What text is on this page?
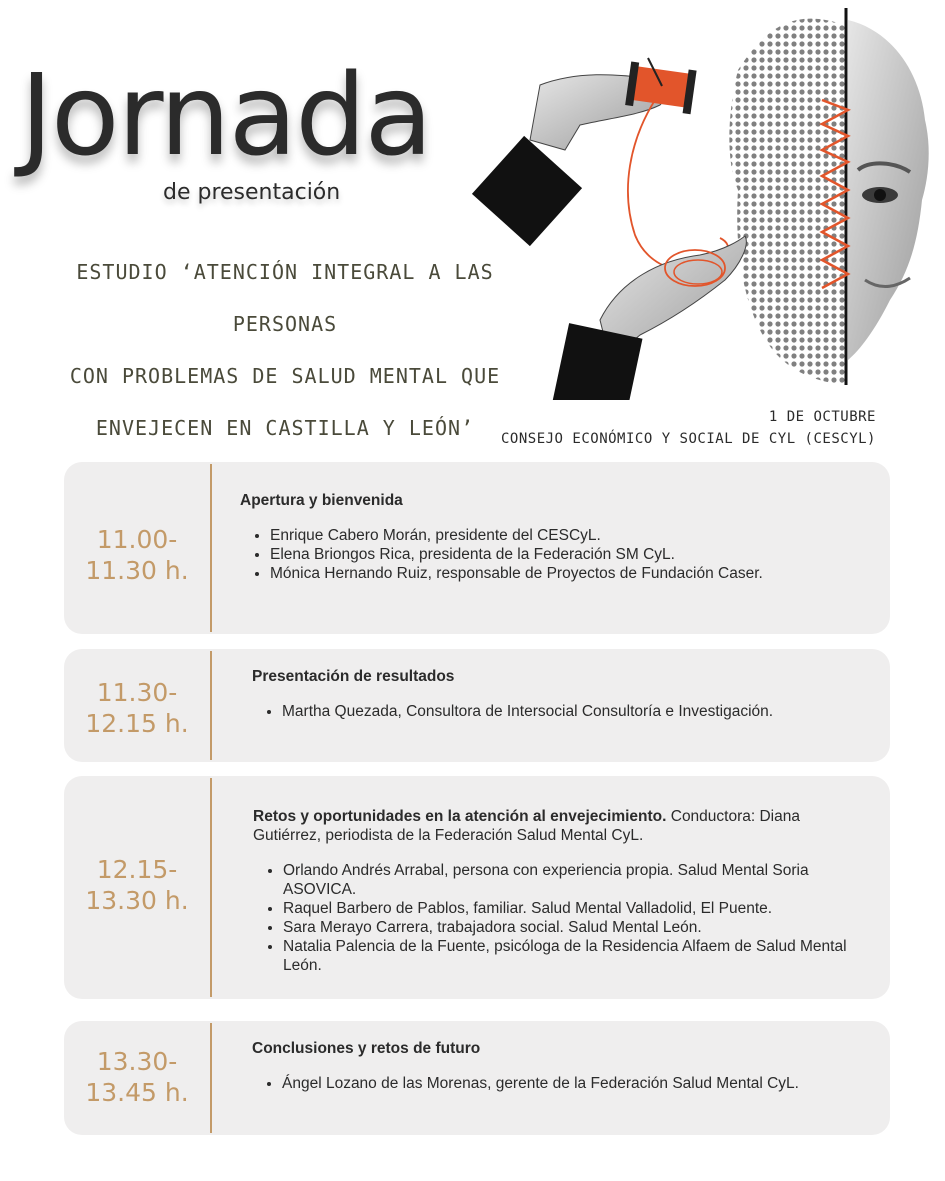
Jornada
de presentación
ESTUDIO ‘ATENCIÓN INTEGRAL A LAS PERSONAS
CON PROBLEMAS DE SALUD MENTAL QUE
ENVEJECEN EN CASTILLA Y LEÓN’	1 DE OCTUBRE
CONSEJO ECONÓMICO Y SOCIAL DE CYL (CESCYL)
11.00-
11.30 h.
Apertura y bienvenida
• Enrique Cabero Morán, presidente del CESCyL.
• Elena Briongos Rica, presidenta de la Federación SM CyL.
• Mónica Hernando Ruiz, responsable de Proyectos de Fundación Caser.
11.30-
12.15 h.
Presentación de resultados
• Martha Quezada, Consultora de Intersocial Consultoría e Investigación.
12.15-
13.30 h.
Retos y oportunidades en la atención al envejecimiento. Conductora: Diana Gutiérrez, periodista de la Federación Salud Mental CyL.
• Orlando Andrés Arrabal, persona con experiencia propia. Salud Mental Soria ASOVICA.
• Raquel Barbero de Pablos, familiar. Salud Mental Valladolid, El Puente.
• Sara Merayo Carrera, trabajadora social. Salud Mental León.
• Natalia Palencia de la Fuente, psicóloga de la Residencia Alfaem de Salud Mental León.
13.30-
13.45 h.
Conclusiones y retos de futuro
• Ángel Lozano de las Morenas, gerente de la Federación Salud Mental CyL.
